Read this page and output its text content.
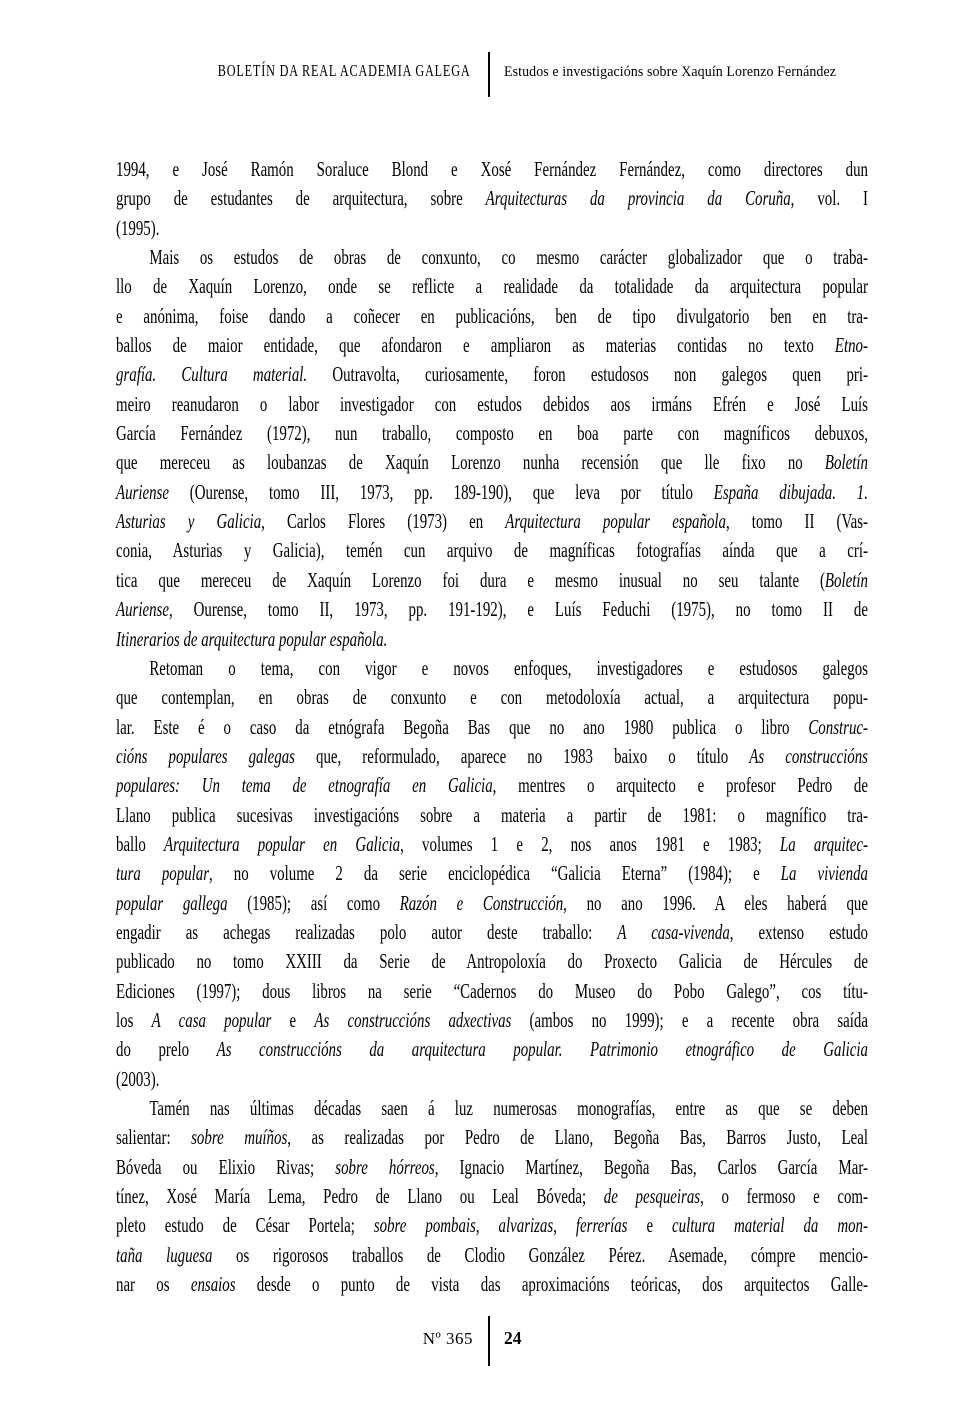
BOLETÍN DA REAL ACADEMIA GALEGA Estudos e investigacións sobre Xaquín Lorenzo Fernández
1994, e José Ramón Soraluce Blond e Xosé Fernández Fernández, como directores dun
grupo de estudantes de arquitectura, sobre Arquitecturas da provincia da Coruña, vol. I
(1995).
Mais os estudos de obras de conxunto, co mesmo carácter globalizador que o traba-
llo de Xaquín Lorenzo, onde se reflicte a realidade da totalidade da arquitectura popular
e anónima, foise dando a coñecer en publicacións, ben de tipo divulgatorio ben en tra-
ballos de maior entidade, que afondaron e ampliaron as materias contidas no texto Etno-
grafía. Cultura material. Outravolta, curiosamente, foron estudosos non galegos quen pri-
meiro reanudaron o labor investigador con estudos debidos aos irmáns Efrén e José Luís
García Fernández (1972), nun traballo, composto en boa parte con magníficos debuxos,
que mereceu as loubanzas de Xaquín Lorenzo nunha recensión que lle fixo no Boletín
Auriense (Ourense, tomo III, 1973, pp. 189-190), que leva por título España dibujada. 1.
Asturias y Galicia, Carlos Flores (1973) en Arquitectura popular española, tomo II (Vas-
conia, Asturias y Galicia), temén cun arquivo de magníficas fotografías aínda que a crí-
tica que mereceu de Xaquín Lorenzo foi dura e mesmo inusual no seu talante (Boletín
Auriense, Ourense, tomo II, 1973, pp. 191-192), e Luís Feduchi (1975), no tomo II de
Itinerarios de arquitectura popular española.
Retoman o tema, con vigor e novos enfoques, investigadores e estudosos galegos
que contemplan, en obras de conxunto e con metodoloxía actual, a arquitectura popu-
lar. Este é o caso da etnógrafa Begoña Bas que no ano 1980 publica o libro Construc-
cións populares galegas que, reformulado, aparece no 1983 baixo o título As construccións
populares: Un tema de etnografía en Galicia, mentres o arquitecto e profesor Pedro de
Llano publica sucesivas investigacións sobre a materia a partir de 1981: o magnífico tra-
ballo Arquitectura popular en Galicia, volumes 1 e 2, nos anos 1981 e 1983; La arquitec-
tura popular, no volume 2 da serie enciclopédica “Galicia Eterna” (1984); e La vivienda
popular gallega (1985); así como Razón e Construcción, no ano 1996. A eles haberá que
engadir as achegas realizadas polo autor deste traballo: A casa-vivenda, extenso estudo
publicado no tomo XXIII da Serie de Antropoloxía do Proxecto Galicia de Hércules de
Ediciones (1997); dous libros na serie “Cadernos do Museo do Pobo Galego”, cos títu-
los A casa popular e As construccións adxectivas (ambos no 1999); e a recente obra saída
do prelo As construccións da arquitectura popular. Patrimonio etnográfico de Galicia
(2003).
Tamén nas últimas décadas saen á luz numerosas monografías, entre as que se deben
salientar: sobre muíños, as realizadas por Pedro de Llano, Begoña Bas, Barros Justo, Leal
Bóveda ou Elixio Rivas; sobre hórreos, Ignacio Martínez, Begoña Bas, Carlos García Mar-
tínez, Xosé María Lema, Pedro de Llano ou Leal Bóveda; de pesqueiras, o fermoso e com-
pleto estudo de César Portela; sobre pombais, alvarizas, ferrerías e cultura material da mon-
taña luguesa os rigorosos traballos de Clodio González Pérez. Asemade, cómpre mencio-
nar os ensaios desde o punto de vista das aproximacións teóricas, dos arquitectos Galle-
Nº 365 24
